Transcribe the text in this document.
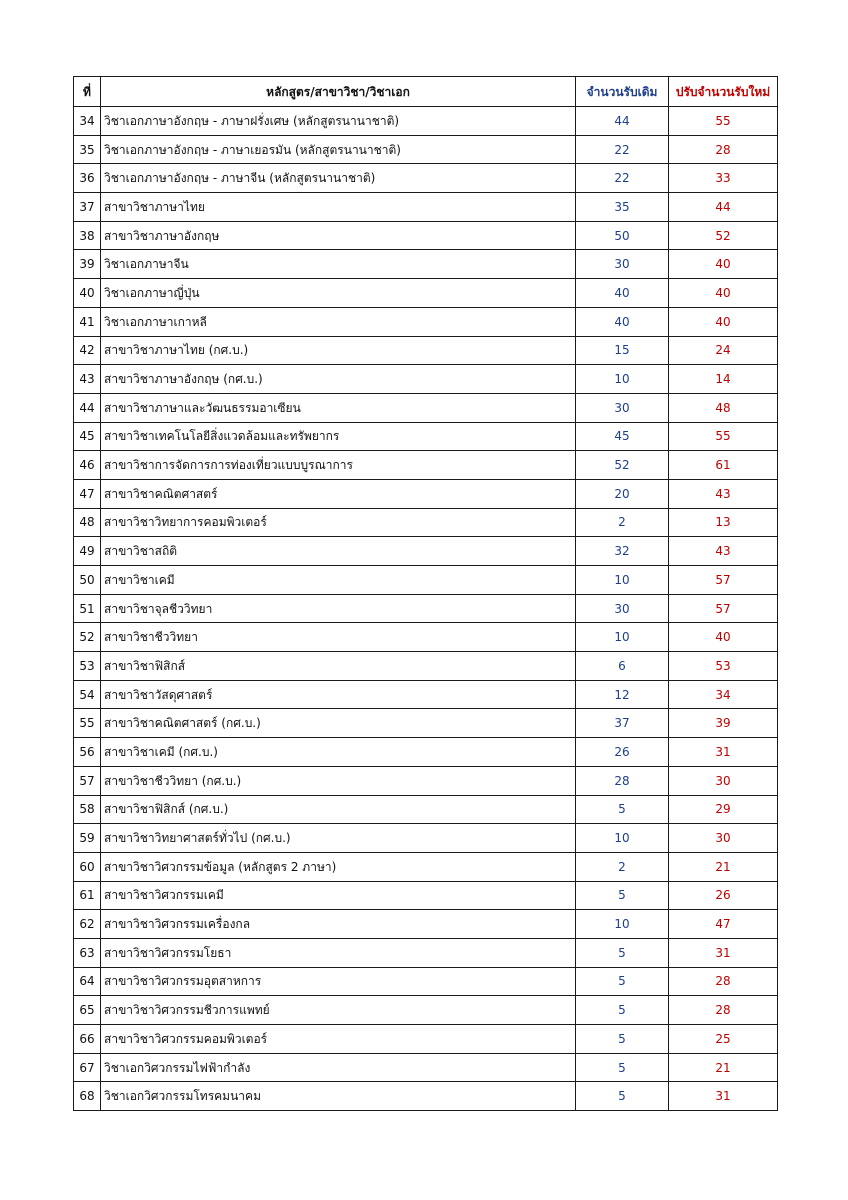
ที่	หลักสูตร/สาขาวิชา/วิชาเอก	จำนวนรับเดิม	ปรับจำนวนรับใหม่
34	วิชาเอกภาษาอังกฤษ - ภาษาฝรั่งเศษ (หลักสูตรนานาชาติ)	44	55
35	วิชาเอกภาษาอังกฤษ - ภาษาเยอรมัน (หลักสูตรนานาชาติ)	22	28
36	วิชาเอกภาษาอังกฤษ - ภาษาจีน (หลักสูตรนานาชาติ)	22	33
37	สาขาวิชาภาษาไทย	35	44
38	สาขาวิชาภาษาอังกฤษ	50	52
39	วิชาเอกภาษาจีน	30	40
40	วิชาเอกภาษาญี่ปุ่น	40	40
41	วิชาเอกภาษาเกาหลี	40	40
42	สาขาวิชาภาษาไทย (กศ.บ.)	15	24
43	สาขาวิชาภาษาอังกฤษ (กศ.บ.)	10	14
44	สาขาวิชาภาษาและวัฒนธรรมอาเซียน	30	48
45	สาขาวิชาเทคโนโลยีสิ่งแวดล้อมและทรัพยากร	45	55
46	สาขาวิชาการจัดการการท่องเที่ยวแบบบูรณาการ	52	61
47	สาขาวิชาคณิตศาสตร์	20	43
48	สาขาวิชาวิทยาการคอมพิวเตอร์	2	13
49	สาขาวิชาสถิติ	32	43
50	สาขาวิชาเคมี	10	57
51	สาขาวิชาจุลชีววิทยา	30	57
52	สาขาวิชาชีววิทยา	10	40
53	สาขาวิชาฟิสิกส์	6	53
54	สาขาวิชาวัสดุศาสตร์	12	34
55	สาขาวิชาคณิตศาสตร์ (กศ.บ.)	37	39
56	สาขาวิชาเคมี (กศ.บ.)	26	31
57	สาขาวิชาชีววิทยา (กศ.บ.)	28	30
58	สาขาวิชาฟิสิกส์ (กศ.บ.)	5	29
59	สาขาวิชาวิทยาศาสตร์ทั่วไป (กศ.บ.)	10	30
60	สาขาวิชาวิศวกรรมข้อมูล (หลักสูตร 2 ภาษา)	2	21
61	สาขาวิชาวิศวกรรมเคมี	5	26
62	สาขาวิชาวิศวกรรมเครื่องกล	10	47
63	สาขาวิชาวิศวกรรมโยธา	5	31
64	สาขาวิชาวิศวกรรมอุตสาหการ	5	28
65	สาขาวิชาวิศวกรรมชีวการแพทย์	5	28
66	สาขาวิชาวิศวกรรมคอมพิวเตอร์	5	25
67	วิชาเอกวิศวกรรมไฟฟ้ากำลัง	5	21
68	วิชาเอกวิศวกรรมโทรคมนาคม	5	31
